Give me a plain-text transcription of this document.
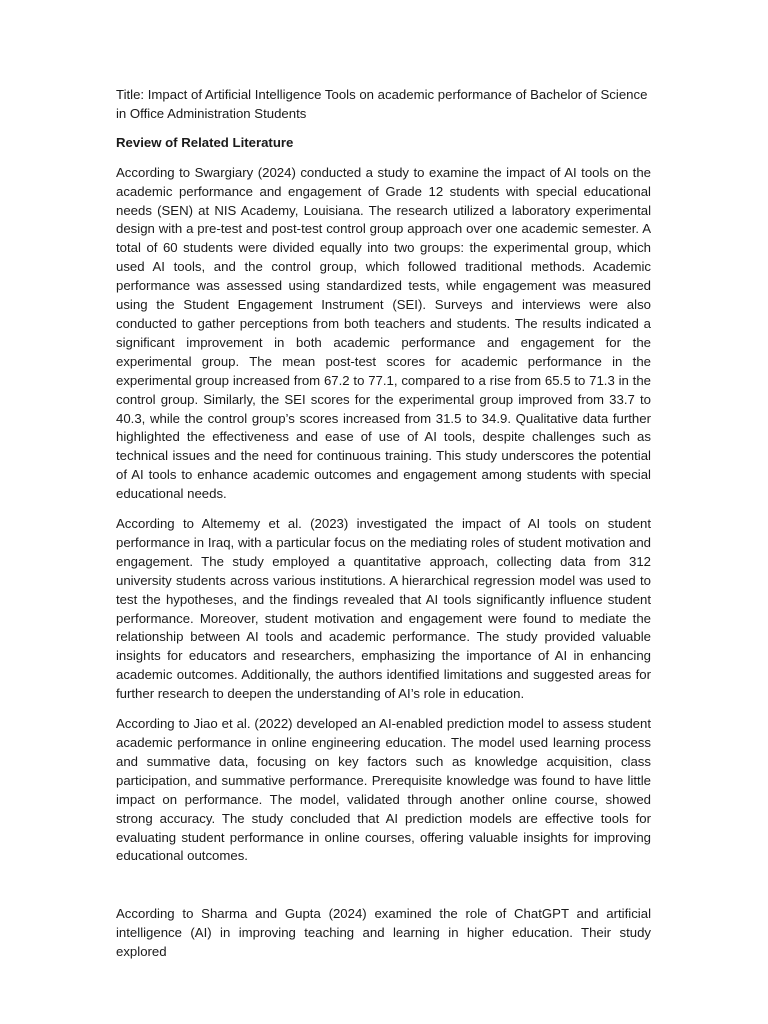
Title: Impact of Artificial Intelligence Tools on academic performance of Bachelor of Science in Office Administration Students

Review of Related Literature

According to Swargiary (2024) conducted a study to examine the impact of AI tools on the academic performance and engagement of Grade 12 students with special educational needs (SEN) at NIS Academy, Louisiana. The research utilized a laboratory experimental design with a pre-test and post-test control group approach over one academic semester. A total of 60 students were divided equally into two groups: the experimental group, which used AI tools, and the control group, which followed traditional methods. Academic performance was assessed using standardized tests, while engagement was measured using the Student Engagement Instrument (SEI). Surveys and interviews were also conducted to gather perceptions from both teachers and students. The results indicated a significant improvement in both academic performance and engagement for the experimental group. The mean post-test scores for academic performance in the experimental group increased from 67.2 to 77.1, compared to a rise from 65.5 to 71.3 in the control group. Similarly, the SEI scores for the experimental group improved from 33.7 to 40.3, while the control group’s scores increased from 31.5 to 34.9. Qualitative data further highlighted the effectiveness and ease of use of AI tools, despite challenges such as technical issues and the need for continuous training. This study underscores the potential of AI tools to enhance academic outcomes and engagement among students with special educational needs.

According to Altememy et al. (2023) investigated the impact of AI tools on student performance in Iraq, with a particular focus on the mediating roles of student motivation and engagement. The study employed a quantitative approach, collecting data from 312 university students across various institutions. A hierarchical regression model was used to test the hypotheses, and the findings revealed that AI tools significantly influence student performance. Moreover, student motivation and engagement were found to mediate the relationship between AI tools and academic performance. The study provided valuable insights for educators and researchers, emphasizing the importance of AI in enhancing academic outcomes. Additionally, the authors identified limitations and suggested areas for further research to deepen the understanding of AI’s role in education.

According to Jiao et al. (2022) developed an AI-enabled prediction model to assess student academic performance in online engineering education. The model used learning process and summative data, focusing on key factors such as knowledge acquisition, class participation, and summative performance. Prerequisite knowledge was found to have little impact on performance. The model, validated through another online course, showed strong accuracy. The study concluded that AI prediction models are effective tools for evaluating student performance in online courses, offering valuable insights for improving educational outcomes.

According to Sharma and Gupta (2024) examined the role of ChatGPT and artificial intelligence (AI) in improving teaching and learning in higher education. Their study explored
